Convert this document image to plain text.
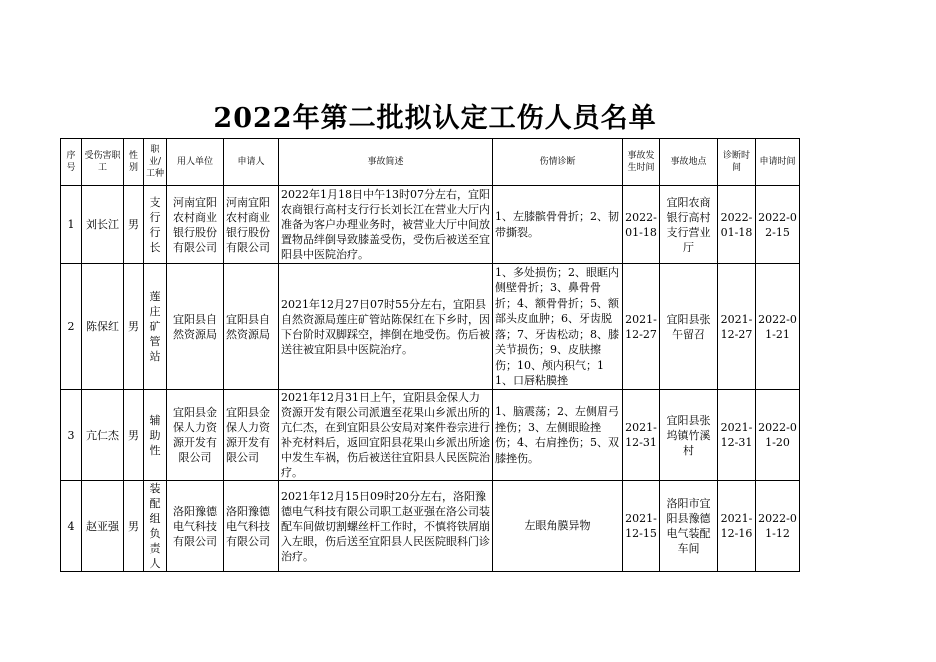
2022年第二批拟认定工伤人员名单
序号	受伤害职工	性别	职业/工种	用人单位	申请人	事故简述	伤情诊断	事故发生时间	事故地点	诊断时间	申请时间
1	刘长江	男	支行行长	河南宜阳农村商业银行股份有限公司	河南宜阳农村商业银行股份有限公司	2022年1月18日中午13时07分左右，宜阳农商银行高村支行行长刘长江在营业大厅内准备为客户办理业务时，被营业大厅中间放置物品绊倒导致膝盖受伤，受伤后被送至宜阳县中医院治疗。	1、左膝髌骨骨折；2、韧带撕裂。	2022-01-18	宜阳农商银行高村支行营业厅	2022-01-18	2022-02-15
2	陈保红	男	莲庄矿管站	宜阳县自然资源局	宜阳县自然资源局	2021年12月27日07时55分左右，宜阳县自然资源局莲庄矿管站陈保红在下乡时，因下台阶时双脚踩空，摔倒在地受伤。伤后被送往被宜阳县中医院治疗。	1、多处损伤；2、眼眶内侧壁骨折；3、鼻骨骨折；4、额骨骨折；5、额部头皮血肿；6、牙齿脱落；7、牙齿松动；8、膝关节损伤；9、皮肤擦伤；10、颅内积气；11、口唇粘膜挫	2021-12-27	宜阳县张午留召	2021-12-27	2022-01-21
3	亢仁杰	男	辅助性	宜阳县金保人力资源开发有限公司	宜阳县金保人力资源开发有限公司	2021年12月31日上午，宜阳县金保人力资源开发有限公司派遣至花果山乡派出所的亢仁杰，在到宜阳县公安局对案件卷宗进行补充材料后，返回宜阳县花果山乡派出所途中发生车祸，伤后被送往宜阳县人民医院治疗。	1、脑震荡；2、左侧眉弓挫伤；3、左侧眼睑挫伤；4、右肩挫伤；5、双膝挫伤。	2021-12-31	宜阳县张坞镇竹溪村	2021-12-31	2022-01-20
4	赵亚强	男	装配组负责人	洛阳豫德电气科技有限公司	洛阳豫德电气科技有限公司	2021年12月15日09时20分左右，洛阳豫德电气科技有限公司职工赵亚强在洛公司装配车间做切割螺丝杆工作时，不慎将铁屑崩入左眼，伤后送至宜阳县人民医院眼科门诊治疗。	左眼角膜异物	2021-12-15	洛阳市宜阳县豫德电气装配车间	2021-12-16	2022-01-12
